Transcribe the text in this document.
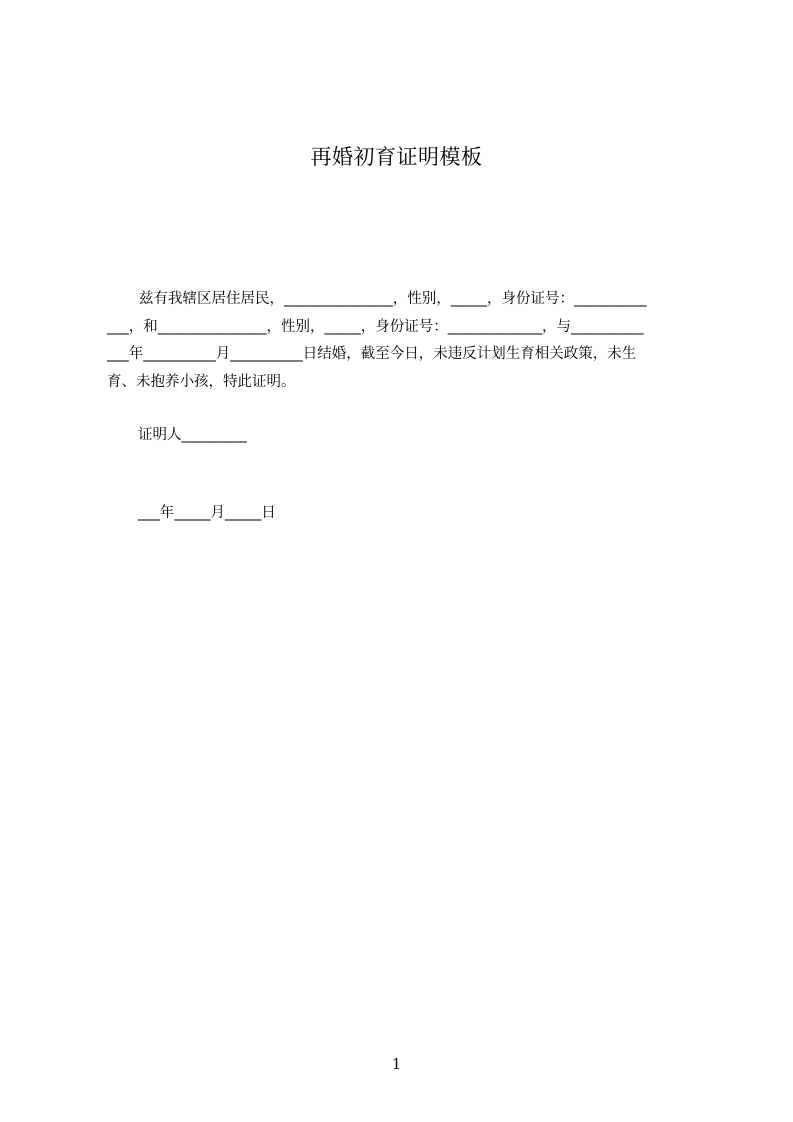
再婚初育证明模板
兹有我辖区居住居民，_______________，性别，_____，身份证号：__________
___，和_______________，性别，_____，身份证号：_____________，与__________
___年__________月__________日结婚，截至今日，未违反计划生育相关政策，未生
育、未抱养小孩，特此证明。
证明人_________
___年_____月_____日
1
